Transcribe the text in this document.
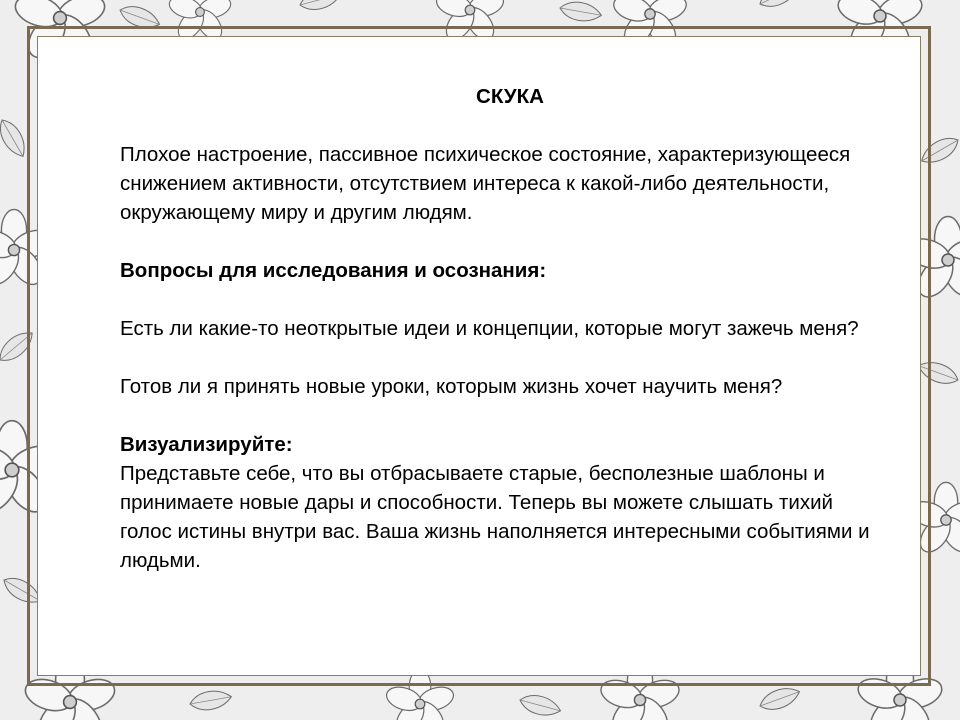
СКУКА

Плохое настроение, пассивное психическое состояние, характеризующееся снижением активности, отсутствием интереса к какой-либо деятельности, окружающему миру и другим людям.

Вопросы для исследования и осознания:

Есть ли какие-то неоткрытые идеи и концепции, которые могут зажечь меня?

Готов ли я принять новые уроки, которым жизнь хочет научить меня?

Визуализируйте:

Представьте себе, что вы отбрасываете старые, бесполезные шаблоны и принимаете новые дары и способности. Теперь вы можете слышать тихий голос истины внутри вас. Ваша жизнь наполняется интересными событиями и людьми.
